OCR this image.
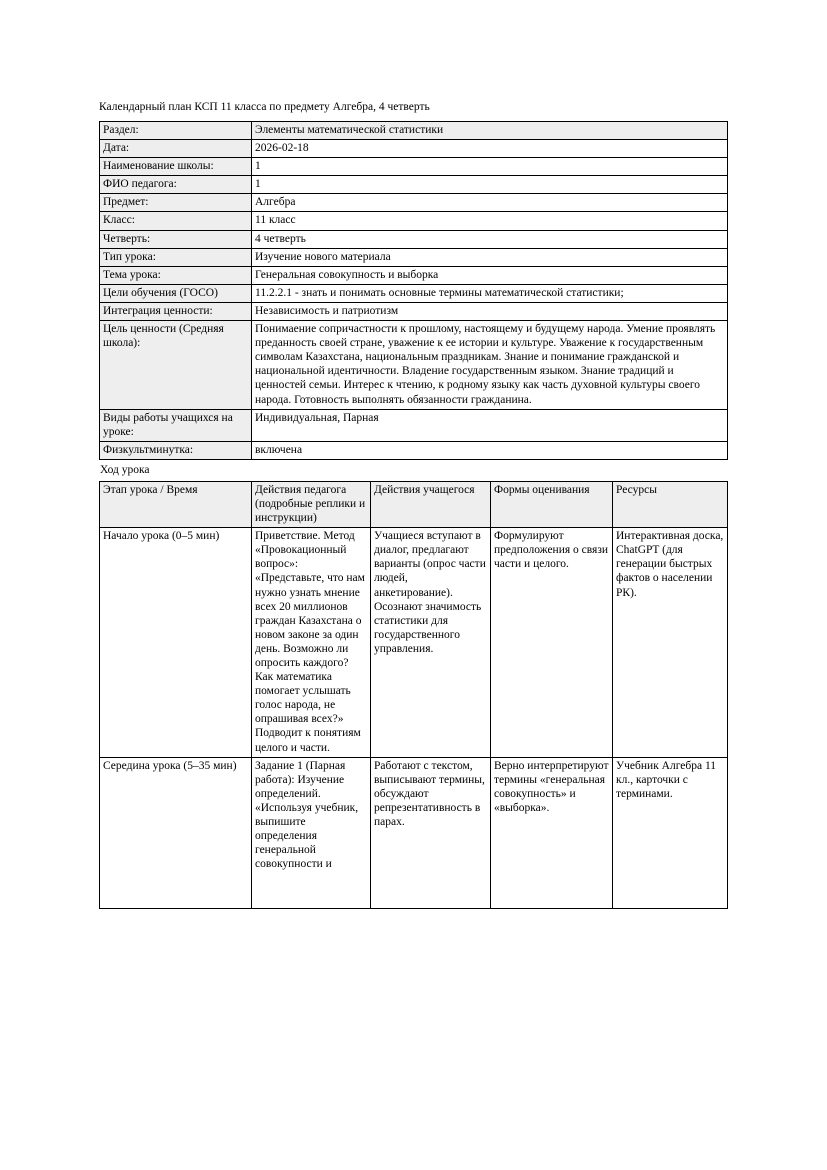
Календарный план КСП 11 класса по предмету Алгебра, 4 четверть

Раздел:	Элементы математической статистики
Дата:	2026-02-18
Наименование школы:	1
ФИО педагога:	1
Предмет:	Алгебра
Класс:	11 класс
Четверть:	4 четверть
Тип урока:	Изучение нового материала
Тема урока:	Генеральная совокупность и выборка
Цели обучения (ГОСО)	11.2.2.1 - знать и понимать основные термины математической статистики;
Интеграция ценности:	Независимость и патриотизм
Цель ценности (Средняя школа):	Понимаение сопричастности к прошлому, настоящему и будущему народа. Умение проявлять преданность своей стране, уважение к ее истории и культуре. Уважение к государственным символам Казахстана, национальным праздникам. Знание и понимание гражданской и национальной идентичности. Владение государственным языком. Знание традиций и ценностей семьи. Интерес к чтению, к родному языку как часть духовной культуры своего народа. Готовность выполнять обязанности гражданина.
Виды работы учащихся на уроке:	Индивидуальная, Парная
Физкультминутка:	включена

Ход урока

Этап урока / Время	Действия педагога (подробные реплики и инструкции)	Действия учащегося	Формы оценивания	Ресурсы
Начало урока (0–5 мин)	Приветствие. Метод «Провокационный вопрос»: «Представьте, что нам нужно узнать мнение всех 20 миллионов граждан Казахстана о новом законе за один день. Возможно ли опросить каждого? Как математика помогает услышать голос народа, не опрашивая всех?» Подводит к понятиям целого и части.	Учащиеся вступают в диалог, предлагают варианты (опрос части людей, анкетирование). Осознают значимость статистики для государственного управления.	Формулируют предположения о связи части и целого.	Интерактивная доска, ChatGPT (для генерации быстрых фактов о населении РК).
Середина урока (5–35 мин)	Задание 1 (Парная работа): Изучение определений. «Используя учебник, выпишите определения генеральной совокупности и	Работают с текстом, выписывают термины, обсуждают репрезентативность в парах.	Верно интерпретируют термины «генеральная совокупность» и «выборка».	Учебник Алгебра 11 кл., карточки с терминами.
